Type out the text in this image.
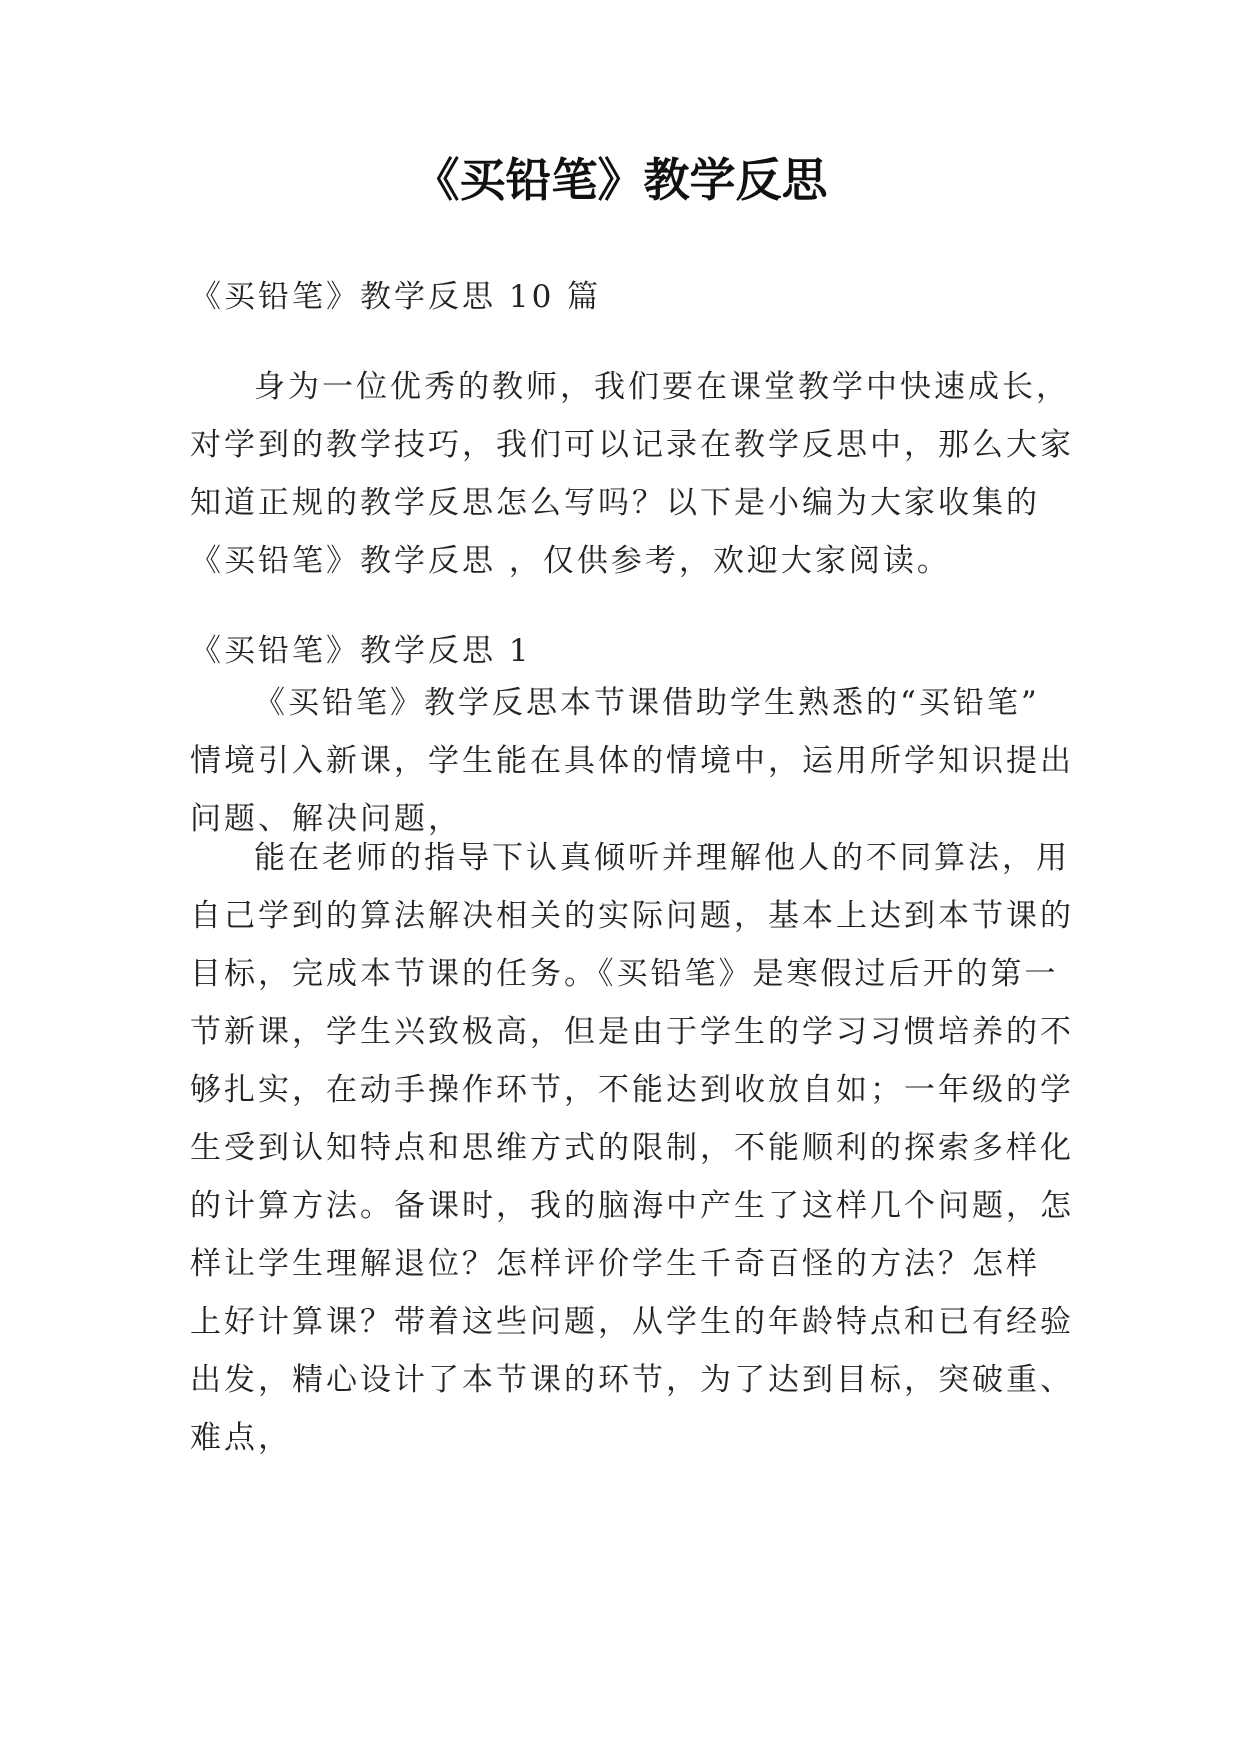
《买铅笔》教学反思
《买铅笔》教学反思 10 篇
身为一位优秀的教师，我们要在课堂教学中快速成长，
对学到的教学技巧，我们可以记录在教学反思中，那么大家
知道正规的教学反思怎么写吗？以下是小编为大家收集的
《买铅笔》教学反思 ，仅供参考，欢迎大家阅读。
《买铅笔》教学反思 1
《买铅笔》教学反思本节课借助学生熟悉的“买铅笔”
情境引入新课，学生能在具体的情境中，运用所学知识提出
问题、解决问题，
能在老师的指导下认真倾听并理解他人的不同算法，用
自己学到的算法解决相关的实际问题，基本上达到本节课的
目标，完成本节课的任务。《买铅笔》是寒假过后开的第一
节新课，学生兴致极高，但是由于学生的学习习惯培养的不
够扎实，在动手操作环节，不能达到收放自如；一年级的学
生受到认知特点和思维方式的限制，不能顺利的探索多样化
的计算方法。备课时，我的脑海中产生了这样几个问题，怎
样让学生理解退位？怎样评价学生千奇百怪的方法？怎样
上好计算课？带着这些问题，从学生的年龄特点和已有经验
出发，精心设计了本节课的环节，为了达到目标，突破重、
难点，
